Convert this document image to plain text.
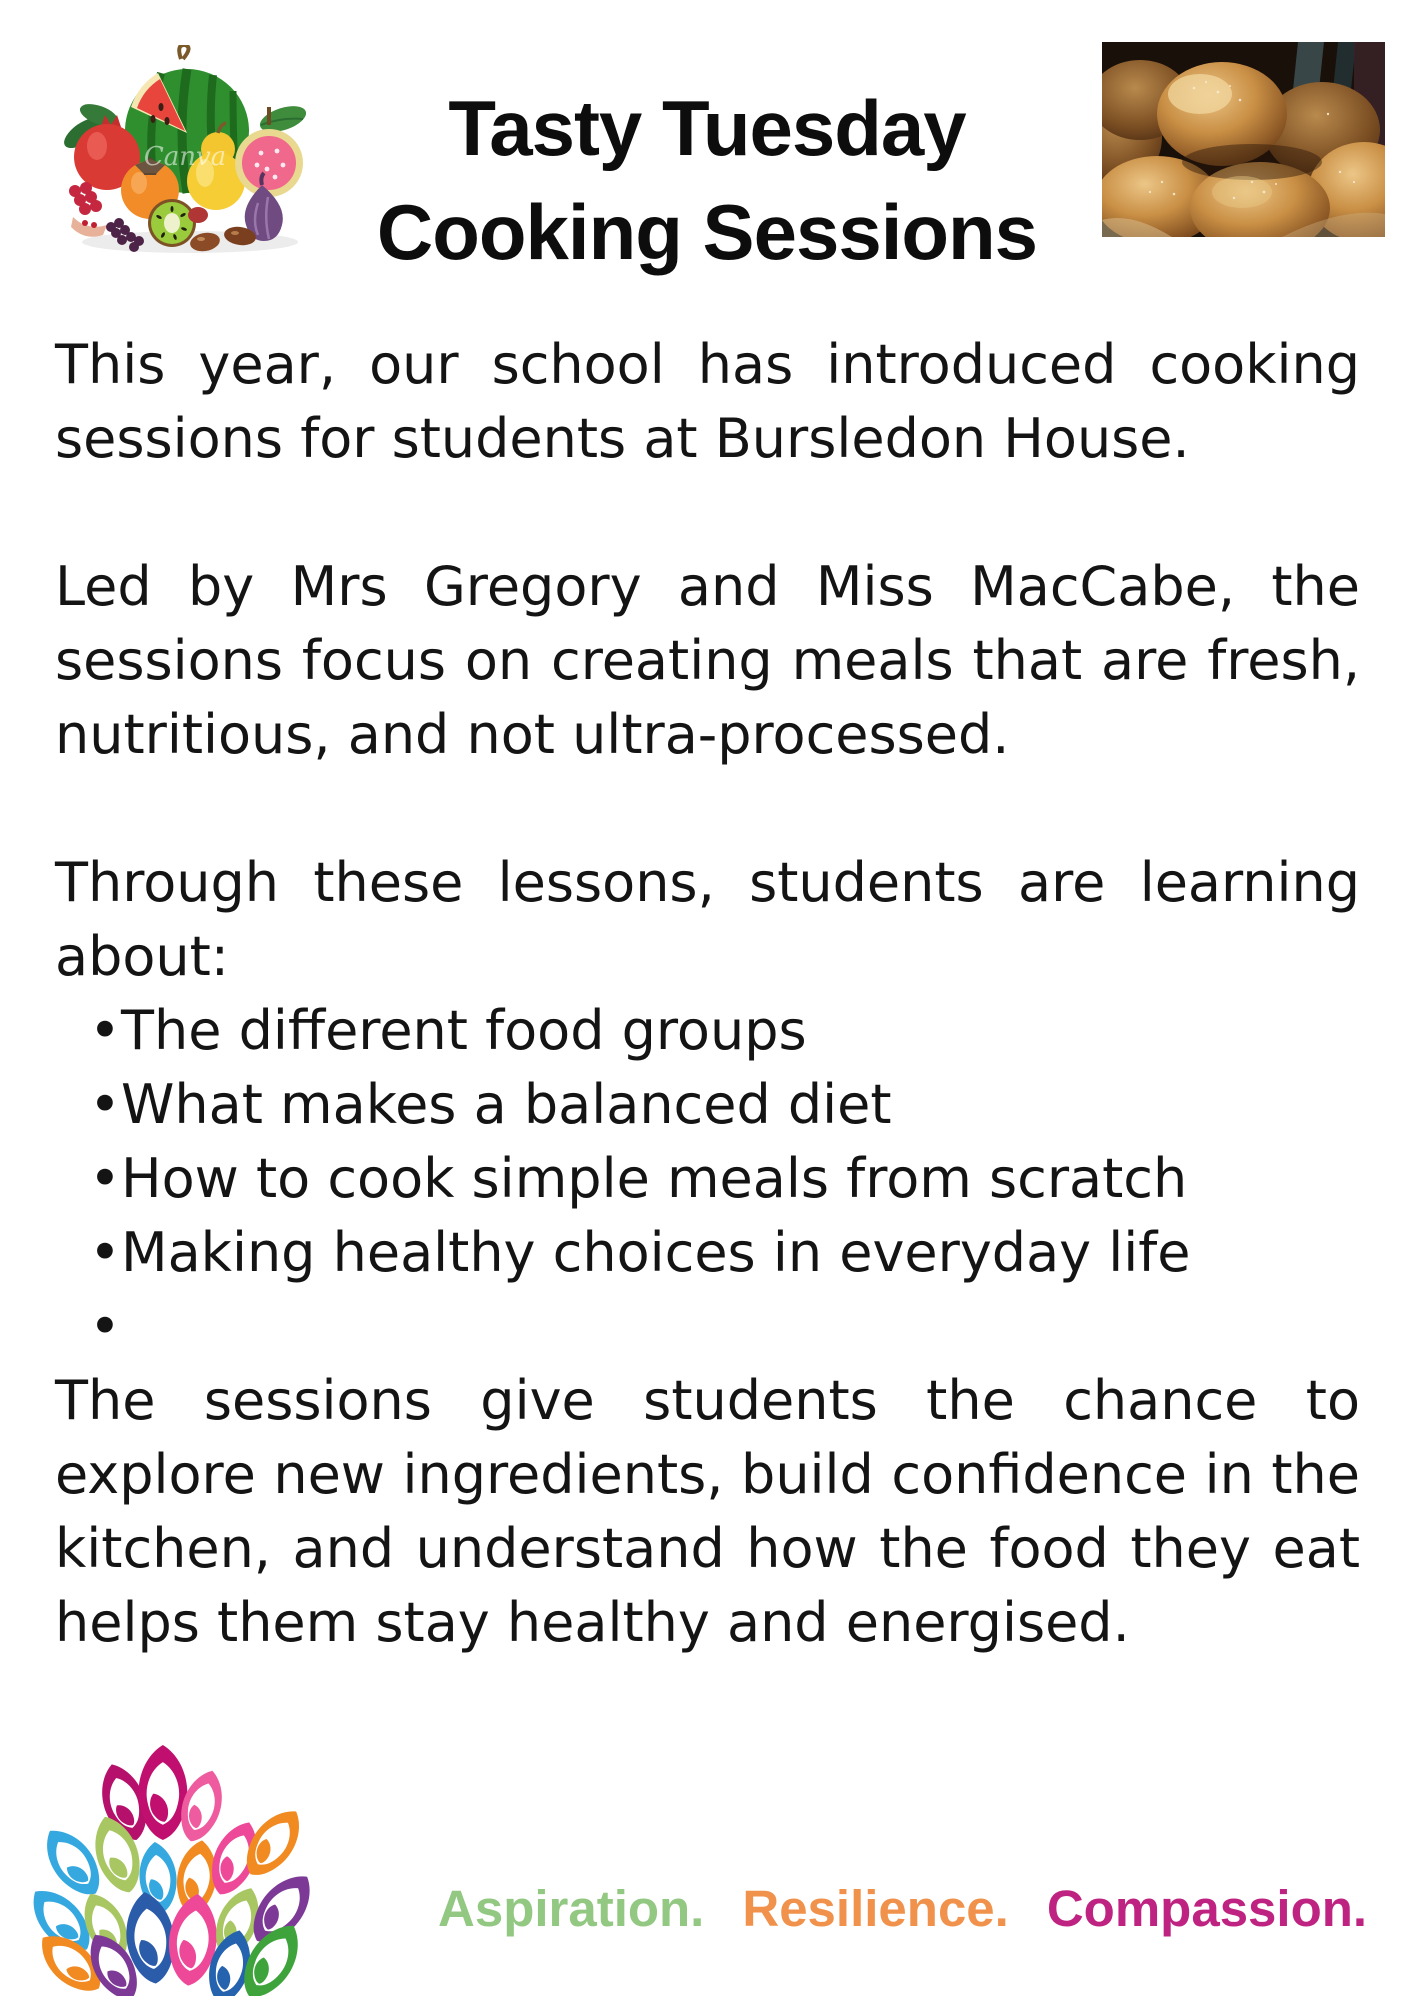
Canva	Tasty Tuesday
Cooking Sessions

This year, our school has introduced cooking sessions for students at Bursledon House.

Led by Mrs Gregory and Miss MacCabe, the sessions focus on creating meals that are fresh, nutritious, and not ultra-processed.

Through these lessons, students are learning about:

• The different food groups
• What makes a balanced diet
• How to cook simple meals from scratch
• Making healthy choices in everyday life
•

The sessions give students the chance to explore new ingredients, build confidence in the kitchen, and understand how the food they eat helps them stay healthy and energised.

Aspiration. Resilience. Compassion.
